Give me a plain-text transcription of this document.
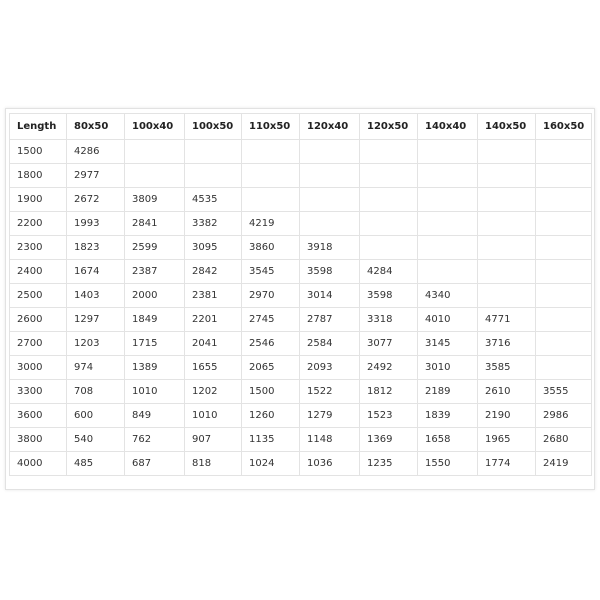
Length	80x50	100x40	100x50	110x50	120x40	120x50	140x40	140x50	160x50
1500	4286								
1800	2977								
1900	2672	3809	4535						
2200	1993	2841	3382	4219					
2300	1823	2599	3095	3860	3918				
2400	1674	2387	2842	3545	3598	4284			
2500	1403	2000	2381	2970	3014	3598	4340		
2600	1297	1849	2201	2745	2787	3318	4010	4771	
2700	1203	1715	2041	2546	2584	3077	3145	3716	
3000	974	1389	1655	2065	2093	2492	3010	3585	
3300	708	1010	1202	1500	1522	1812	2189	2610	3555
3600	600	849	1010	1260	1279	1523	1839	2190	2986
3800	540	762	907	1135	1148	1369	1658	1965	2680
4000	485	687	818	1024	1036	1235	1550	1774	2419
